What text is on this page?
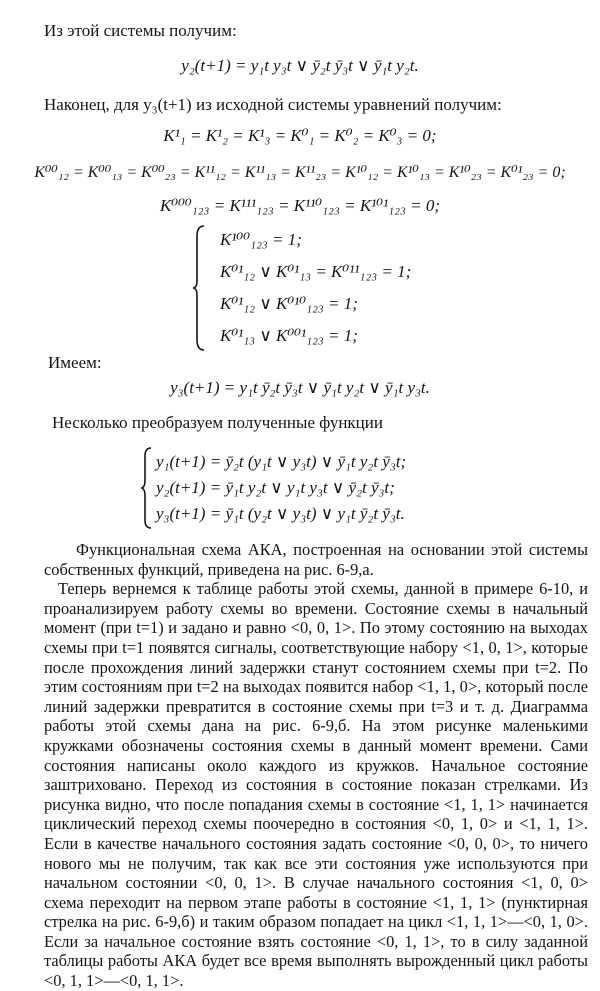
Из этой системы получим:
y₂(t+1) = y₁t y₃t ∨ ȳ₂t ȳ₃t ∨ ȳ₁t y₂t.
Наконец, для y₃(t+1) из исходной системы уравнений получим:
K¹₁ = K¹₂ = K¹₃ = K⁰₁ = K⁰₂ = K⁰₃ = 0;
K⁰⁰₁₂ = K⁰⁰₁₃ = K⁰⁰₂₃ = K¹¹₁₂ = K¹¹₁₃ = K¹¹₂₃ = K¹⁰₁₂ = K¹⁰₁₃ = K¹⁰₂₃ = K⁰¹₂₃ = 0;
K⁰⁰⁰₁₂₃ = K¹¹¹₁₂₃ = K¹¹⁰₁₂₃ = K¹⁰¹₁₂₃ = 0;
K¹⁰⁰₁₂₃ = 1;
K⁰¹₁₂ ∨ K⁰¹₁₃ = K⁰¹¹₁₂₃ = 1;
K⁰¹₁₂ ∨ K⁰¹⁰₁₂₃ = 1;
K⁰¹₁₃ ∨ K⁰⁰¹₁₂₃ = 1;
Имеем:
y₃(t+1) = y₁t ȳ₂t ȳ₃t ∨ ȳ₁t y₂t ∨ ȳ₁t y₃t.
Несколько преобразуем полученные функции
y₁(t+1) = ȳ₂t (y₁t ∨ y₃t) ∨ ȳ₁t y₂t ȳ₃t;
y₂(t+1) = ȳ₁t y₂t ∨ y₁t y₃t ∨ ȳ₂t ȳ₃t;
y₃(t+1) = ȳ₁t (y₂t ∨ y₃t) ∨ y₁t ȳ₂t ȳ₃t.

Функциональная схема АКА, построенная на основании этой системы собственных функций, приведена на рис. 6-9,а.

Теперь вернемся к таблице работы этой схемы, данной в примере 6-10, и проанализируем работу схемы во времени. Состояние схемы в начальный момент (при t=1) и задано и равно <0, 0, 1>. По этому состоянию на выходах схемы при t=1 появятся сигналы, соответствующие набору <1, 0, 1>, которые после прохождения линий задержки станут состоянием схемы при t=2. По этим состояниям при t=2 на выходах появится набор <1, 1, 0>, который после линий задержки превратится в состояние схемы при t=3 и т. д. Диаграмма работы этой схемы дана на рис. 6-9,б. На этом рисунке маленькими кружками обозначены состояния схемы в данный момент времени. Сами состояния написаны около каждого из кружков. Начальное состояние заштриховано. Переход из состояния в состояние показан стрелками. Из рисунка видно, что после попадания схемы в состояние <1, 1, 1> начинается циклический переход схемы поочередно в состояния <0, 1, 0> и <1, 1, 1>. Если в качестве начального состояния задать состояние <0, 0, 0>, то ничего нового мы не получим, так как все эти состояния уже используются при начальном состоянии <0, 0, 1>. В случае начального состояния <1, 0, 0> схема переходит на первом этапе работы в состояние <1, 1, 1> (пунктирная стрелка на рис. 6-9,б) и таким образом попадает на цикл <1, 1, 1>—<0, 1, 0>. Если за начальное состояние взять состояние <0, 1, 1>, то в силу заданной таблицы работы АКА будет все время выполнять вырожденный цикл работы <0, 1, 1>—<0, 1, 1>.
